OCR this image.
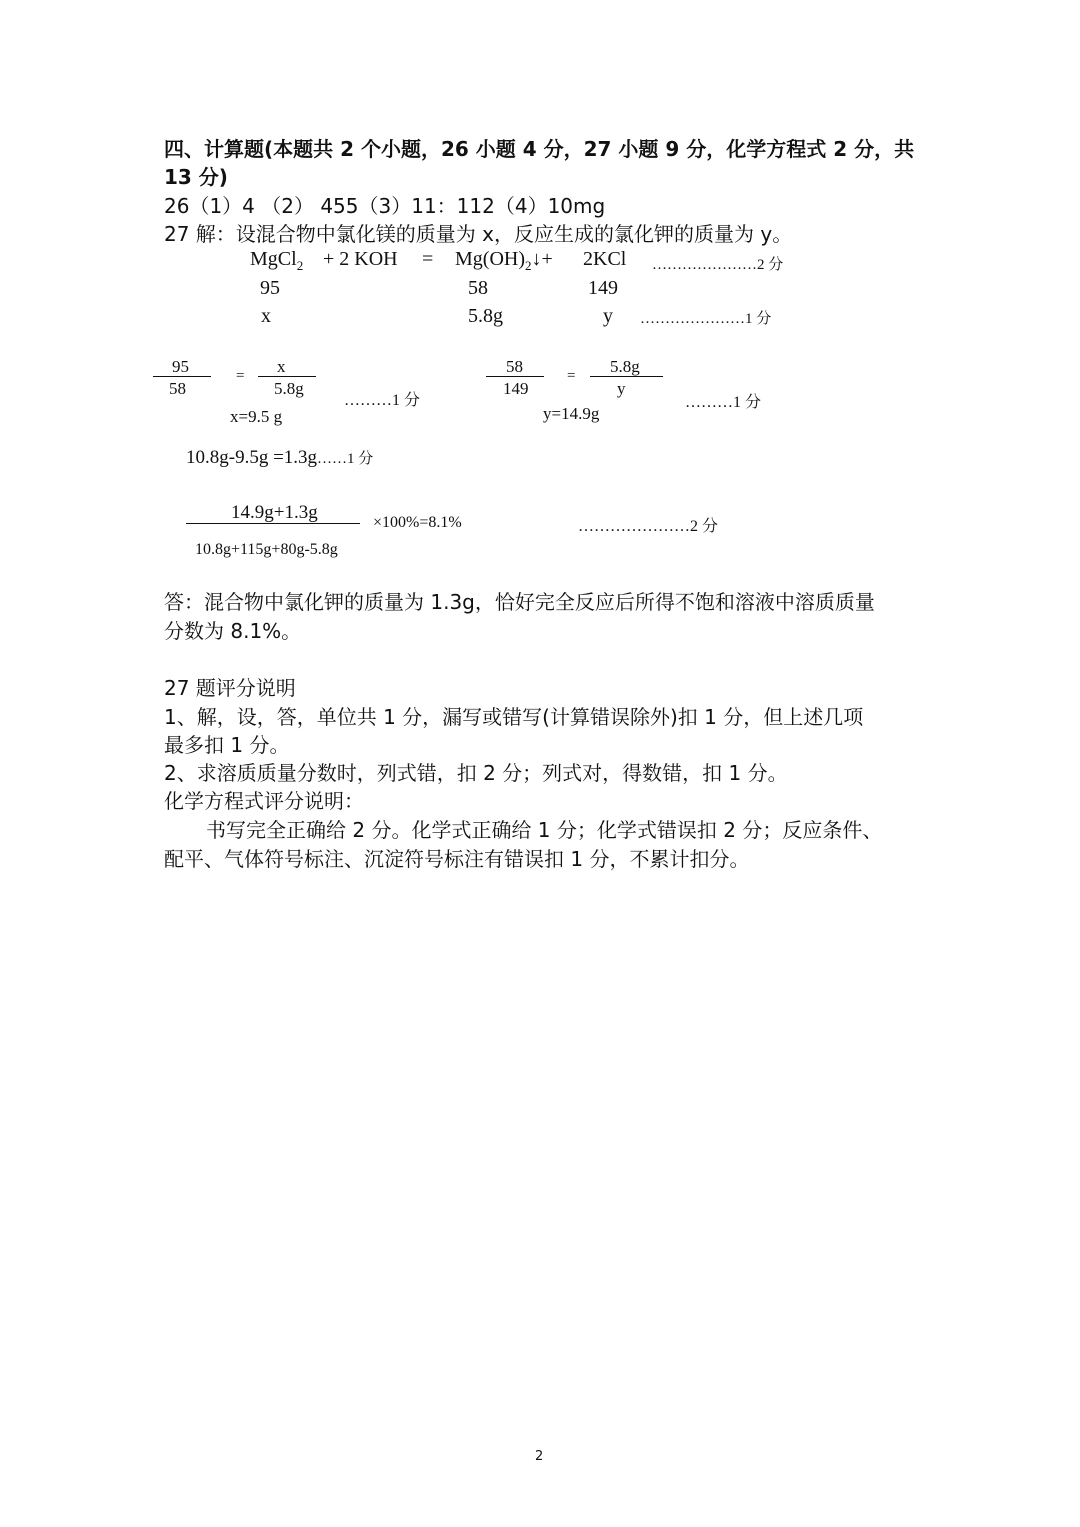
四、计算题(本题共 2 个小题，26 小题 4 分，27 小题 9 分，化学方程式 2 分，共
13 分)
26（1）4 （2） 455（3）11：112（4）10mg
27 解：设混合物中氯化镁的质量为 x，反应生成的氯化钾的质量为 y。
MgCl$_2$ + 2 KOH = $Mg(OH)_2↓+ 2KCl$ …………………2 分
95	58	149
x	5.8g	y …………………1 分
95
58
= x
5.8g
………1 分
x=9.5 g
58
149
= 5.8g
y
………1 分
y=14.9g
10.8g-9.5g =1.3g……1 分
14.9g+1.3g
10.8g+115g+80g-5.8g
×100%=8.1%	…………………2 分
答：混合物中氯化钾的质量为 1.3g，恰好完全反应后所得不饱和溶液中溶质质量
分数为 8.1%。
27 题评分说明
1、解，设，答，单位共 1 分，漏写或错写(计算错误除外)扣 1 分，但上述几项
最多扣 1 分。
2、求溶质质量分数时，列式错，扣 2 分；列式对，得数错，扣 1 分。
化学方程式评分说明：
书写完全正确给 2 分。化学式正确给 1 分；化学式错误扣 2 分；反应条件、
配平、气体符号标注、沉淀符号标注有错误扣 1 分，不累计扣分。
2
